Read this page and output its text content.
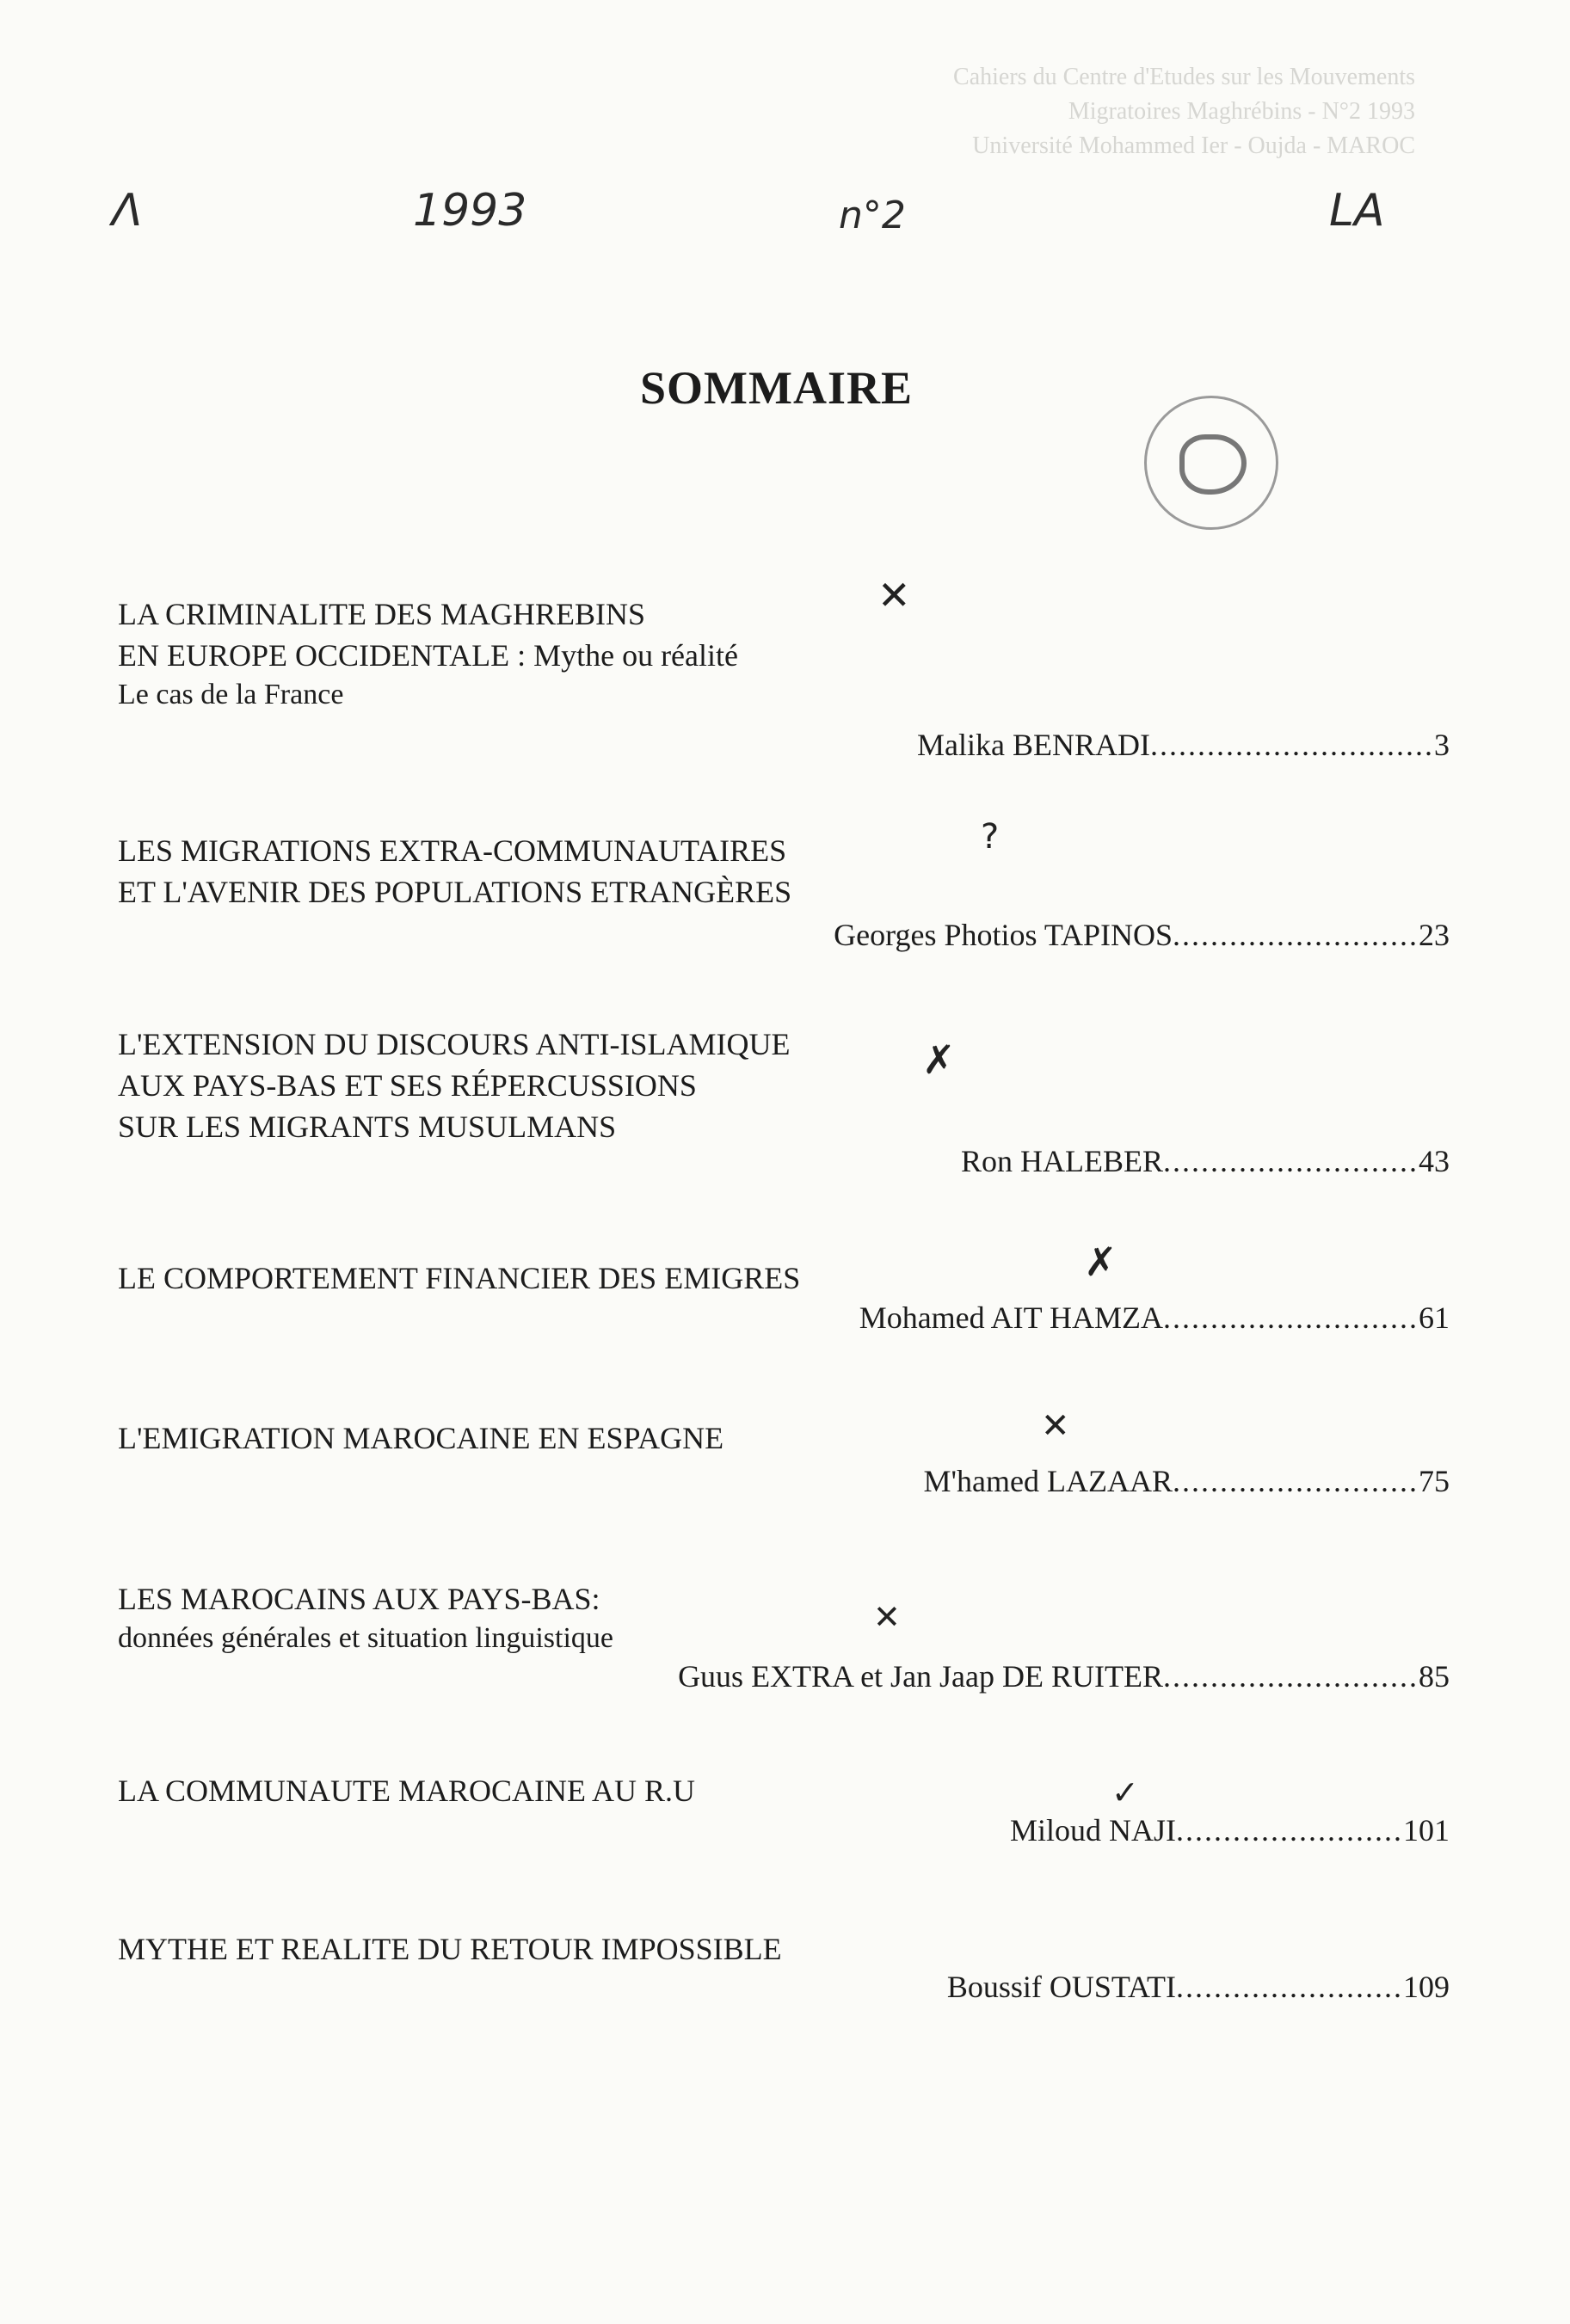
Cahiers du Centre d'Etudes sur les Mouvements
Migratoires Maghrébins - N°2 1993
Université Mohammed Ier - Oujda - MAROC
Λ	1993	n°2	LA
SOMMAIRE
✕
?
✗
✗
✕
✕
✓
LA CRIMINALITE DES MAGHREBINS
EN EUROPE OCCIDENTALE : Mythe ou réalité
Le cas de la France
Malika BENRADI .............................. 3
LES MIGRATIONS EXTRA-COMMUNAUTAIRES
ET L'AVENIR DES POPULATIONS ETRANGÈRES
Georges Photios TAPINOS .......................... 23
L'EXTENSION DU DISCOURS ANTI-ISLAMIQUE
AUX PAYS-BAS ET SES RÉPERCUSSIONS
SUR LES MIGRANTS MUSULMANS
Ron HALEBER ........................... 43
LE COMPORTEMENT FINANCIER DES EMIGRES
Mohamed AIT HAMZA ........................... 61
L'EMIGRATION MAROCAINE EN ESPAGNE
M'hamed LAZAAR .......................... 75
LES MAROCAINS AUX PAYS-BAS:
données générales et situation linguistique
Guus EXTRA et Jan Jaap DE RUITER ........................... 85
LA COMMUNAUTE MAROCAINE AU R.U
Miloud NAJI ........................ 101
MYTHE ET REALITE DU RETOUR IMPOSSIBLE
Boussif OUSTATI ........................ 109
